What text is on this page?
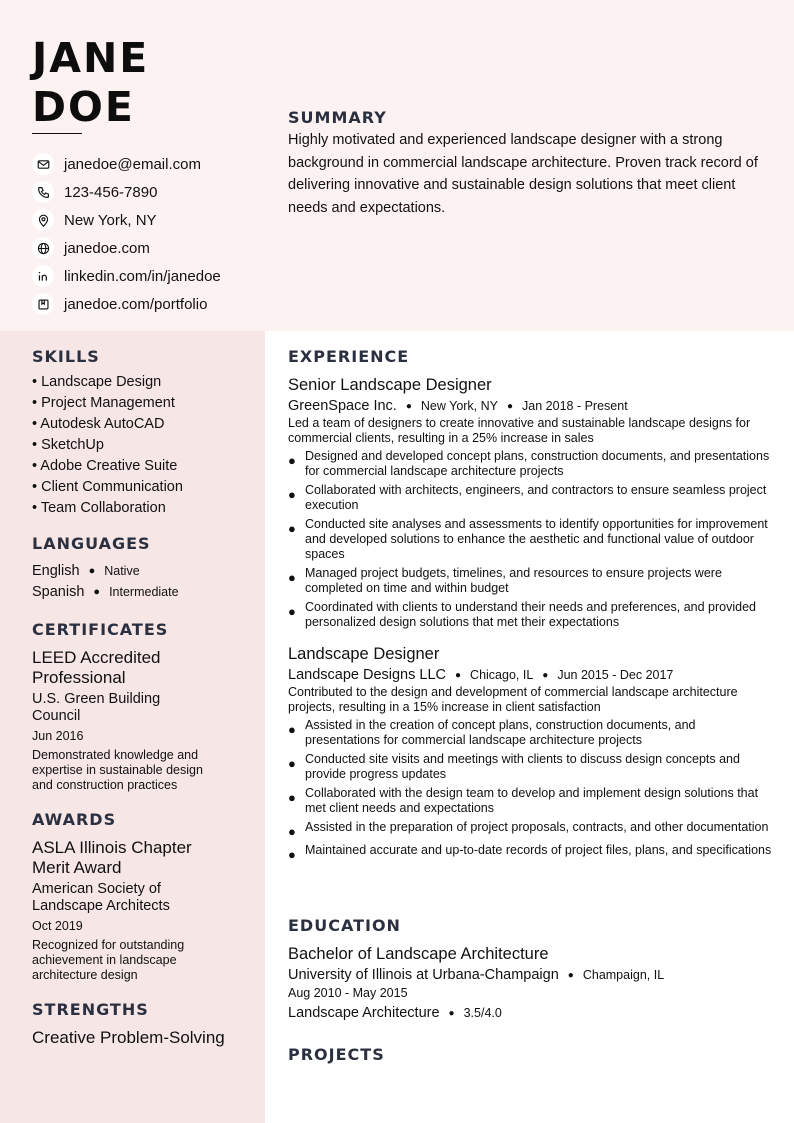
JANE
DOE
janedoe@email.com
123-456-7890
New York, NY
janedoe.com
linkedin.com/in/janedoe
janedoe.com/portfolio
SUMMARY
Highly motivated and experienced landscape designer with a strong background in commercial landscape architecture. Proven track record of delivering innovative and sustainable design solutions that meet client needs and expectations.
SKILLS
• Landscape Design
• Project Management
• Autodesk AutoCAD
• SketchUp
• Adobe Creative Suite
• Client Communication
• Team Collaboration
LANGUAGES
English ● Native
Spanish ● Intermediate
CERTIFICATES
LEED Accredited Professional
U.S. Green Building Council
Jun 2016
Demonstrated knowledge and expertise in sustainable design and construction practices
AWARDS
ASLA Illinois Chapter Merit Award
American Society of Landscape Architects
Oct 2019
Recognized for outstanding achievement in landscape architecture design
STRENGTHS
Creative Problem-Solving
EXPERIENCE
Senior Landscape Designer
GreenSpace Inc. ● New York, NY ● Jan 2018 - Present
Led a team of designers to create innovative and sustainable landscape designs for commercial clients, resulting in a 25% increase in sales
● Designed and developed concept plans, construction documents, and presentations for commercial landscape architecture projects
● Collaborated with architects, engineers, and contractors to ensure seamless project execution
● Conducted site analyses and assessments to identify opportunities for improvement and developed solutions to enhance the aesthetic and functional value of outdoor spaces
● Managed project budgets, timelines, and resources to ensure projects were completed on time and within budget
● Coordinated with clients to understand their needs and preferences, and provided personalized design solutions that met their expectations
Landscape Designer
Landscape Designs LLC ● Chicago, IL ● Jun 2015 - Dec 2017
Contributed to the design and development of commercial landscape architecture projects, resulting in a 15% increase in client satisfaction
● Assisted in the creation of concept plans, construction documents, and presentations for commercial landscape architecture projects
● Conducted site visits and meetings with clients to discuss design concepts and provide progress updates
● Collaborated with the design team to develop and implement design solutions that met client needs and expectations
● Assisted in the preparation of project proposals, contracts, and other documentation
● Maintained accurate and up-to-date records of project files, plans, and specifications
EDUCATION
Bachelor of Landscape Architecture
University of Illinois at Urbana-Champaign ● Champaign, IL
Aug 2010 - May 2015
Landscape Architecture ● 3.5/4.0
PROJECTS
